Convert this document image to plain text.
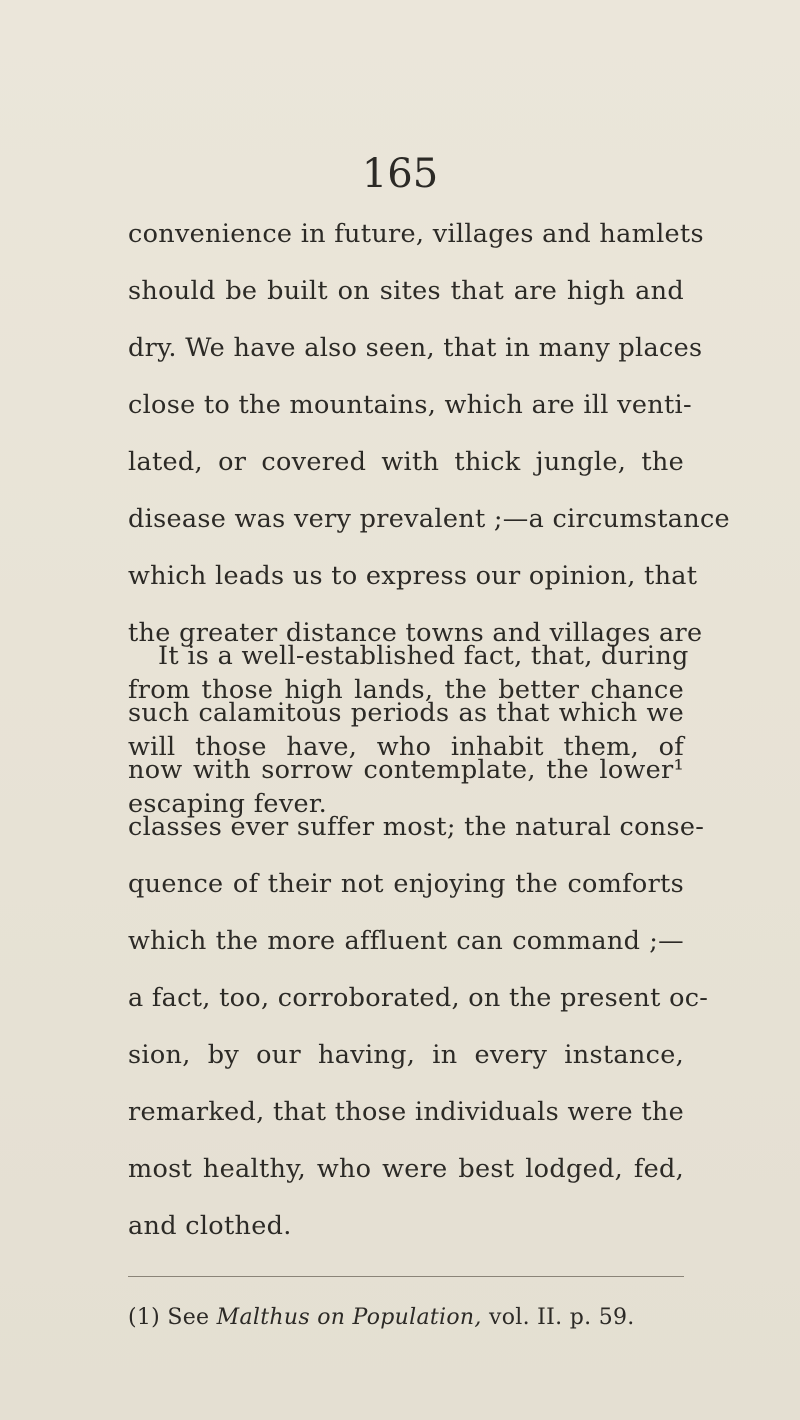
165
convenience in future, villages and hamlets
should be built on sites that are high and
dry. We have also seen, that in many places
close to the mountains, which are ill venti-
lated, or covered with thick jungle, the
disease was very prevalent ;—a circumstance
which leads us to express our opinion, that
the greater distance towns and villages are
from those high lands, the better chance
will those have, who inhabit them, of
escaping fever.
It is a well-established fact, that, during
such calamitous periods as that which we
now with sorrow contemplate, the lower¹
classes ever suffer most; the natural conse-
quence of their not enjoying the comforts
which the more affluent can command ;—
a fact, too, corroborated, on the present oc-
sion, by our having, in every instance,
remarked, that those individuals were the
most healthy, who were best lodged, fed,
and clothed.
(1) See Malthus on Population, vol. II. p. 59.
